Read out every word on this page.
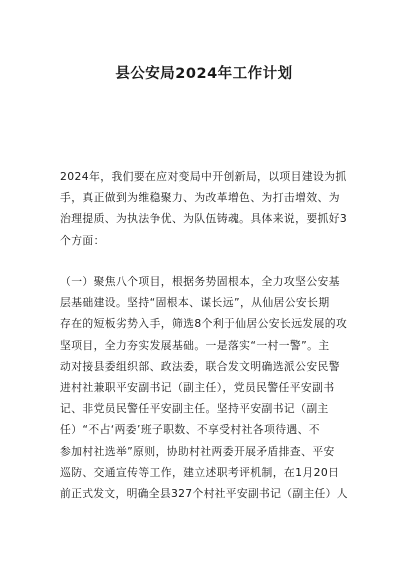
县公安局2024年工作计划
2024年，我们要在应对变局中开创新局，以项目建设为抓
手，真正做到为维稳聚力、为改革增色、为打击增效、为
治理提质、为执法争优、为队伍铸魂。具体来说，要抓好3
个方面：
（一）聚焦八个项目，根据务势固根本，全力攻坚公安基
层基础建设。坚持“固根本、谋长远”，从仙居公安长期
存在的短板劣势入手，筛选8个利于仙居公安长远发展的攻
坚项目，全力夯实发展基础。一是落实“一村一警”。主
动对接县委组织部、政法委，联合发文明确选派公安民警
进村社兼职平安副书记（副主任），党员民警任平安副书
记、非党员民警任平安副主任。坚持平安副书记（副主
任）“不占‘两委’班子职数、不享受村社各项待遇、不
参加村社选举”原则，协助村社两委开展矛盾排查、平安
巡防、交通宣传等工作，建立述职考评机制，在1月20日
前正式发文，明确全县327个村社平安副书记（副主任）人
